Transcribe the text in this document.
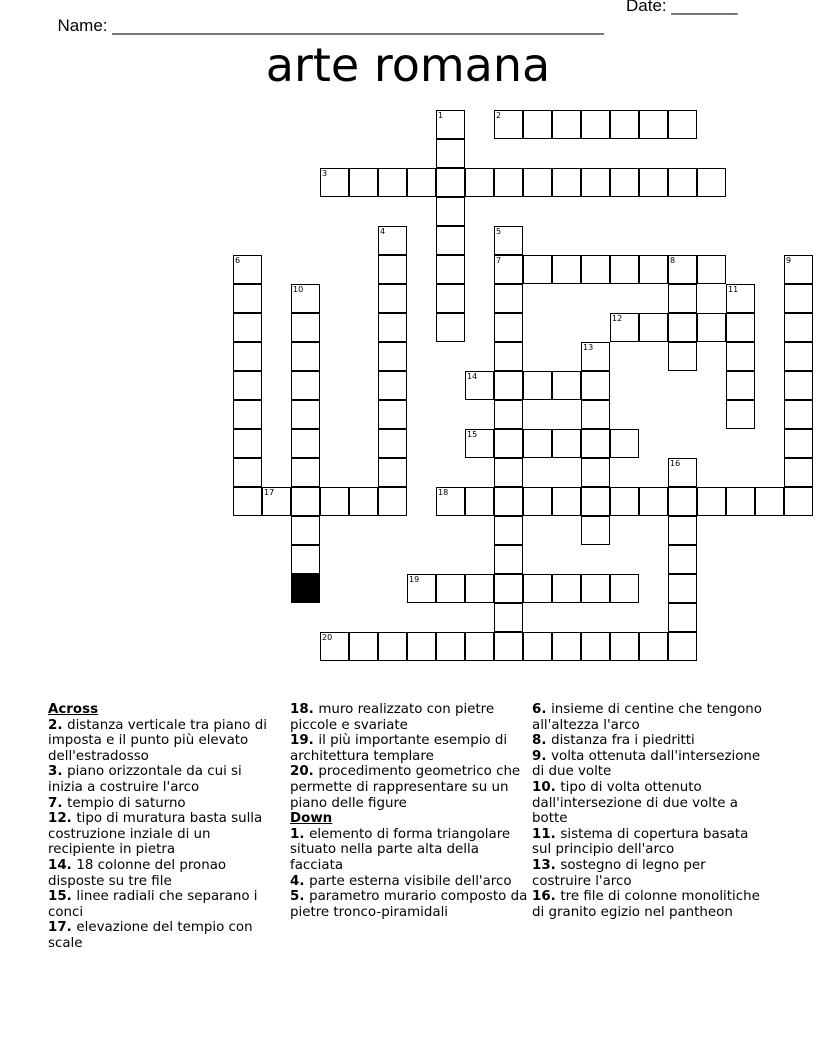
Name: ____________________________________________________

Date: _______

arte romana
2
3
7	8
12
14
15
17	18
19
20
1
4	5
6	9
10	11
13
16

Across

2. distanza verticale tra piano di imposta e il punto più elevato dell'estradosso

3. piano orizzontale da cui si inizia a costruire l'arco

7. tempio di saturno

12. tipo di muratura basta sulla costruzione inziale di un recipiente in pietra

14. 18 colonne del pronao disposte su tre file

15. linee radiali che separano i conci

17. elevazione del tempio con scale

18. muro realizzato con pietre piccole e svariate

19. il più importante esempio di architettura templare

20. procedimento geometrico che permette di rappresentare su un piano delle figure

Down

1. elemento di forma triangolare situato nella parte alta della facciata

4. parte esterna visibile dell'arco

5. parametro murario composto da pietre tronco-piramidali

6. insieme di centine che tengono all'altezza l'arco

8. distanza fra i piedritti

9. volta ottenuta dall'intersezione di due volte

10. tipo di volta ottenuto dall'intersezione di due volte a botte

11. sistema di copertura basata sul principio dell'arco

13. sostegno di legno per costruire l'arco

16. tre file di colonne monolitiche di granito egizio nel pantheon
